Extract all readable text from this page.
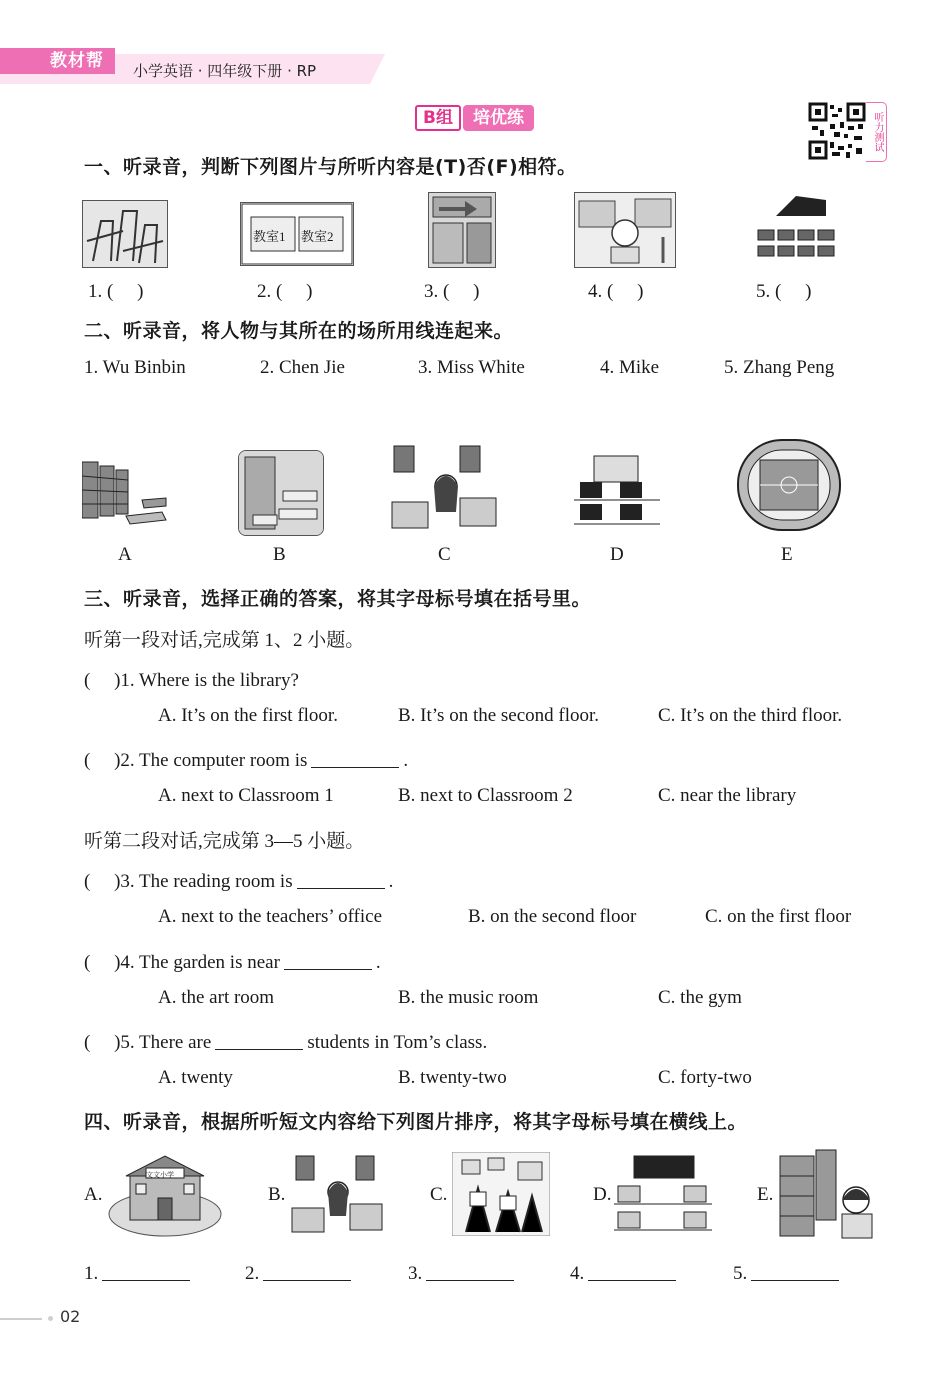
教材帮	小学英语 · 四年级下册 · RP
B组	培优练	听力测试
一、听录音，判断下列图片与所听内容是(T)否(F)相符。
教室1 教室2
1. (　 )	2. (　 )	3. (　 )	4. (　 )	5. (　 )
二、听录音，将人物与其所在的场所用线连起来。
1. Wu Binbin	2. Chen Jie	3. Miss White	4. Mike	5. Zhang Peng
A	B	C	D	E
三、听录音，选择正确的答案，将其字母标号填在括号里。
听第一段对话,完成第 1、2 小题。
(　 )1. Where is the library?
A. It’s on the first floor.	B. It’s on the second floor.	C. It’s on the third floor.
(　 )2. The computer room is	.
A. next to Classroom 1	B. next to Classroom 2	C. near the library
听第二段对话,完成第 3—5 小题。
(　 )3. The reading room is	.
A. next to the teachers’ office	B. on the second floor	C. on the first floor
(　 )4. The garden is near	.
A. the art room	B. the music room	C. the gym
(　 )5. There are	students in Tom’s class.
A. twenty	B. twenty-two	C. forty-two
四、听录音，根据所听短文内容给下列图片排序，将其字母标号填在横线上。
A.
文文小学
B.	C.	D.	E.
1.	2.	3.	4.	5.
02
